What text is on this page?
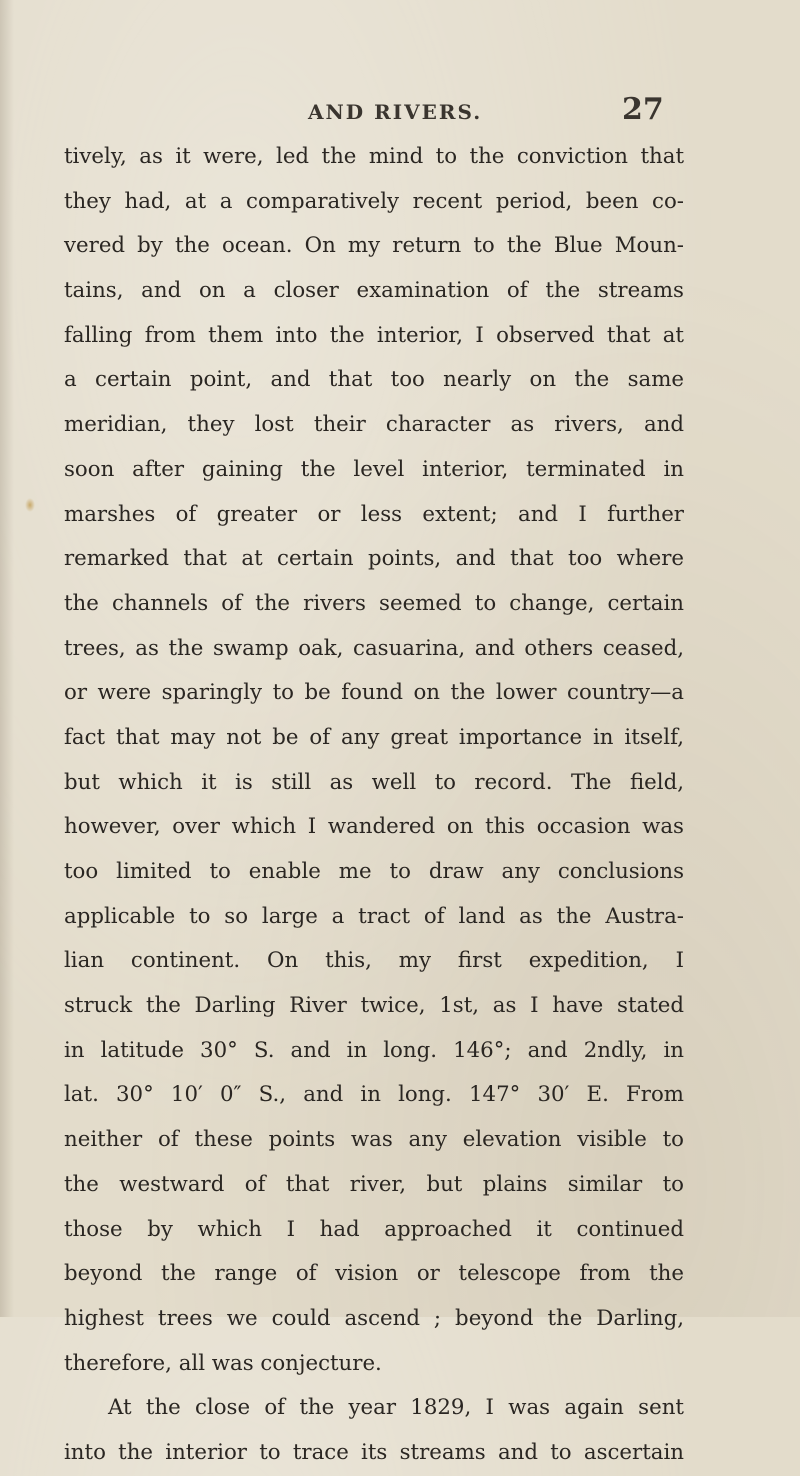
AND RIVERS.	27
tively, as it were, led the mind to the conviction that
they had, at a comparatively recent period, been co-
vered by the ocean. On my return to the Blue Moun-
tains, and on a closer examination of the streams
falling from them into the interior, I observed that at
a certain point, and that too nearly on the same
meridian, they lost their character as rivers, and
soon after gaining the level interior, terminated in
marshes of greater or less extent; and I further
remarked that at certain points, and that too where
the channels of the rivers seemed to change, certain
trees, as the swamp oak, casuarina, and others ceased,
or were sparingly to be found on the lower country—a
fact that may not be of any great importance in itself,
but which it is still as well to record. The field,
however, over which I wandered on this occasion was
too limited to enable me to draw any conclusions
applicable to so large a tract of land as the Austra-
lian continent. On this, my first expedition, I
struck the Darling River twice, 1st, as I have stated
in latitude 30° S. and in long. 146°; and 2ndly, in
lat. 30° 10′ 0″ S., and in long. 147° 30′ E. From
neither of these points was any elevation visible to
the westward of that river, but plains similar to
those by which I had approached it continued
beyond the range of vision or telescope from the
highest trees we could ascend ; beyond the Darling,
therefore, all was conjecture.
At the close of the year 1829, I was again sent
into the interior to trace its streams and to ascertain
